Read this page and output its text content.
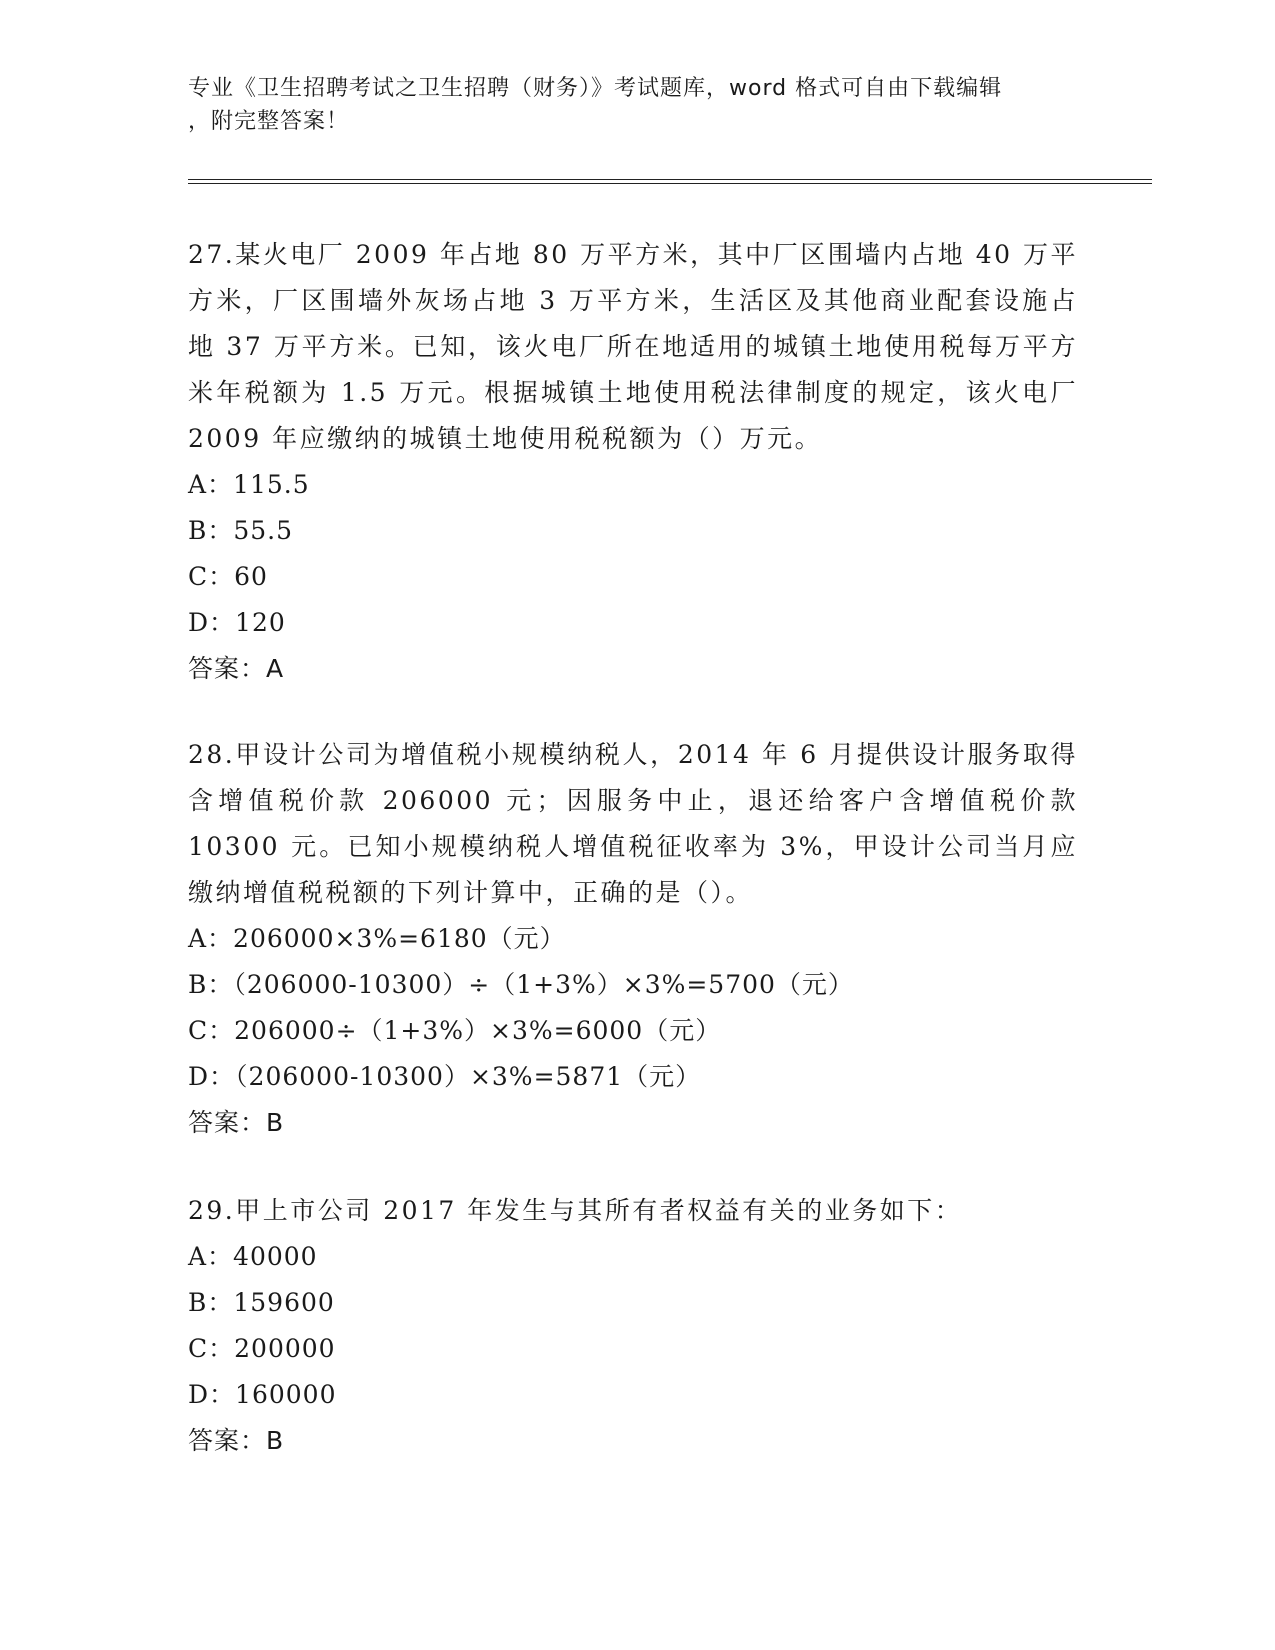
专业《卫生招聘考试之卫生招聘（财务）》考试题库，word 格式可自由下载编辑
，附完整答案！

27.某火电厂 2009 年占地 80 万平方米，其中厂区围墙内占地 40 万平方米，厂区围墙外灰场占地 3 万平方米，生活区及其他商业配套设施占地 37 万平方米。已知，该火电厂所在地适用的城镇土地使用税每万平方米年税额为 1.5 万元。根据城镇土地使用税法律制度的规定，该火电厂 2009 年应缴纳的城镇土地使用税税额为（）万元。

A：115.5

B：55.5

C：60

D：120

答案：A

28.甲设计公司为增值税小规模纳税人，2014 年 6 月提供设计服务取得含增值税价款 206000 元；因服务中止，退还给客户含增值税价款10300 元。已知小规模纳税人增值税征收率为 3%，甲设计公司当月应缴纳增值税税额的下列计算中，正确的是（）。

A：206000×3%=6180（元）

B：（206000-10300）÷（1+3%）×3%=5700（元）

C：206000÷（1+3%）×3%=6000（元）

D：（206000-10300）×3%=5871（元）

答案：B

29.甲上市公司 2017 年发生与其所有者权益有关的业务如下：

A：40000

B：159600

C：200000

D：160000

答案：B
